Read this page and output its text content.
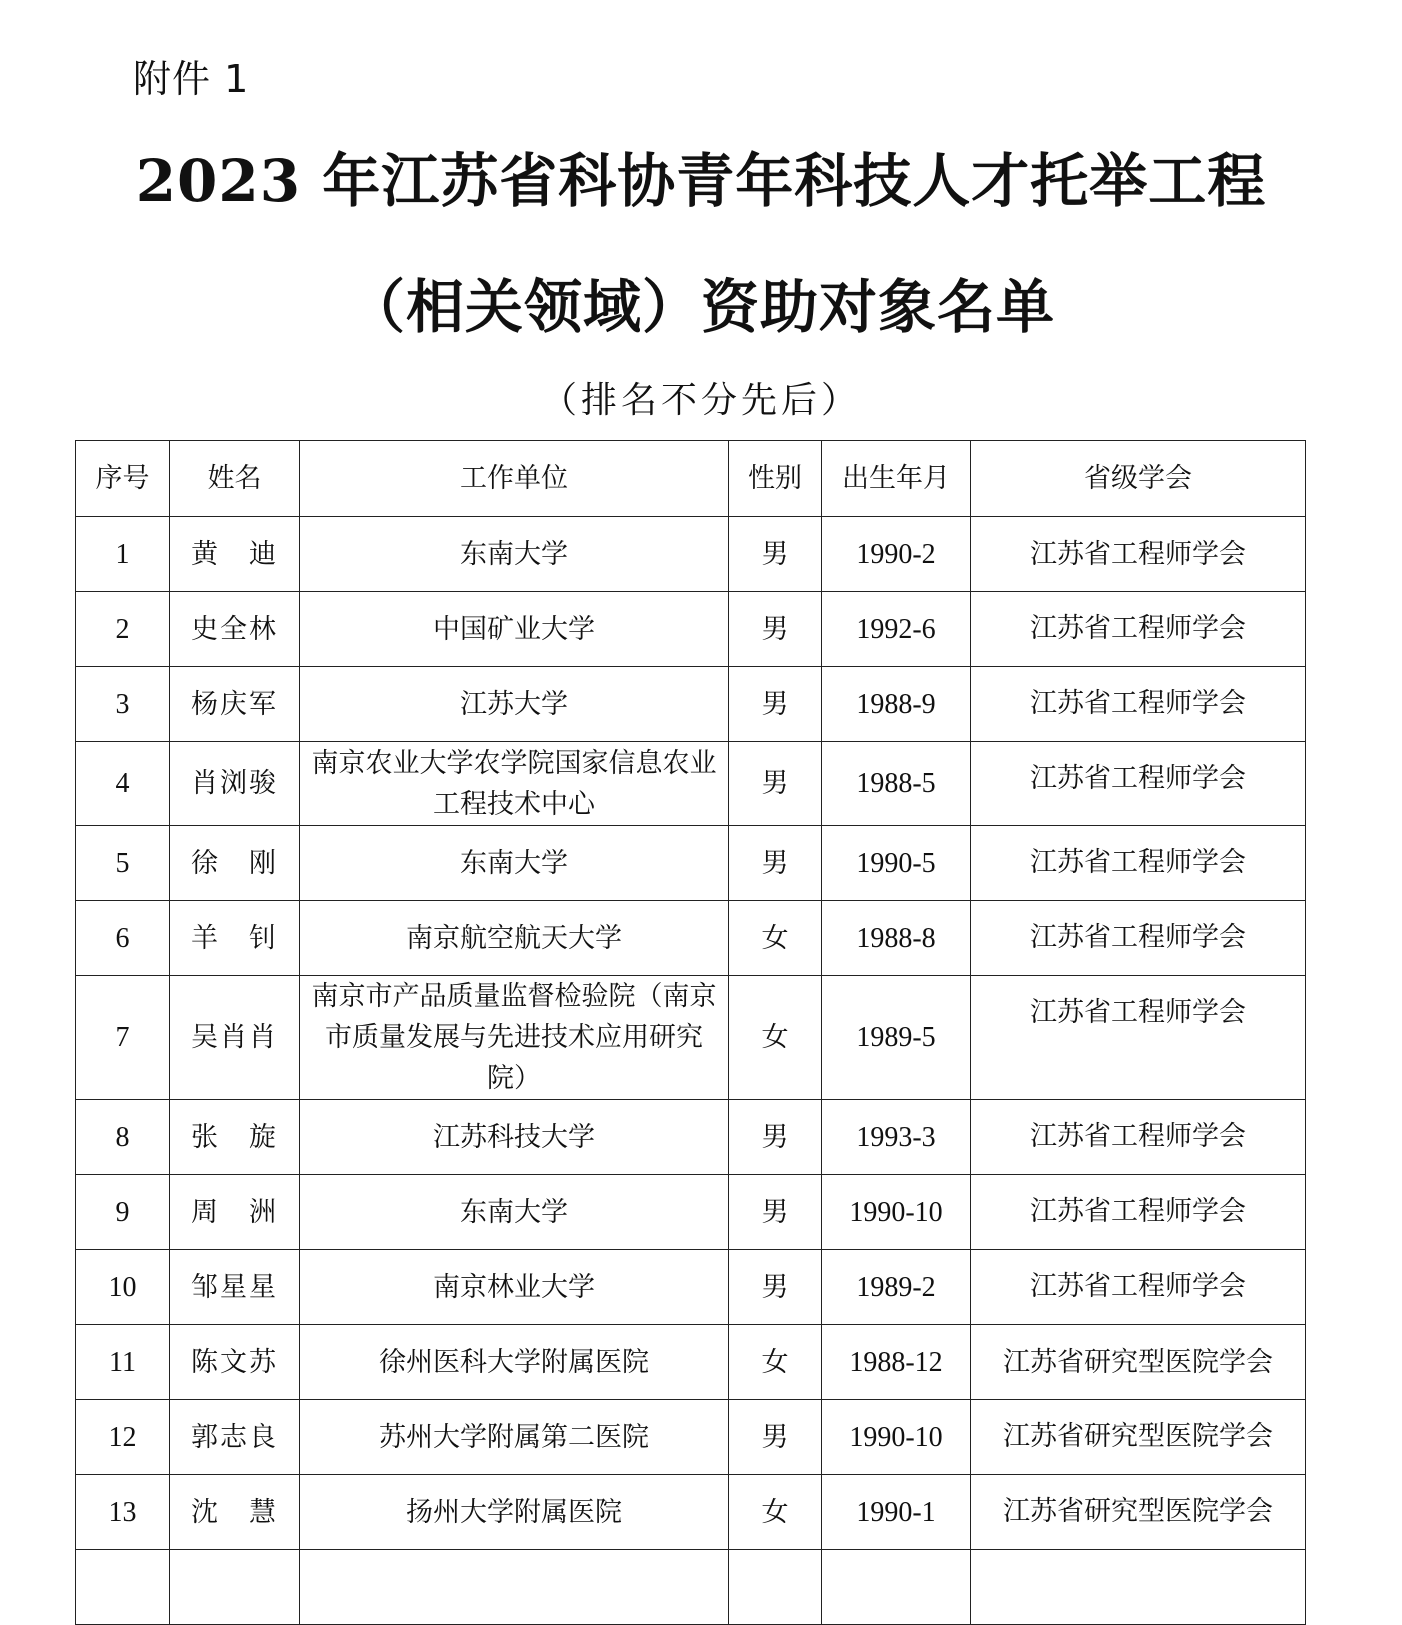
附件 1
2023 年江苏省科协青年科技人才托举工程
（相关领域）资助对象名单
（排名不分先后）
序号	姓名	工作单位	性别	出生年月	省级学会
1	黄　迪	东南大学	男	1990-2	江苏省工程师学会
2	史全林	中国矿业大学	男	1992-6	江苏省工程师学会
3	杨庆军	江苏大学	男	1988-9	江苏省工程师学会
4	肖浏骏	南京农业大学农学院国家信息农业工程技术中心	男	1988-5	江苏省工程师学会
5	徐　刚	东南大学	男	1990-5	江苏省工程师学会
6	羊　钊	南京航空航天大学	女	1988-8	江苏省工程师学会
7	吴肖肖	南京市产品质量监督检验院（南京市质量发展与先进技术应用研究院）	女	1989-5	江苏省工程师学会
8	张　旋	江苏科技大学	男	1993-3	江苏省工程师学会
9	周　洲	东南大学	男	1990-10	江苏省工程师学会
10	邹星星	南京林业大学	男	1989-2	江苏省工程师学会
11	陈文苏	徐州医科大学附属医院	女	1988-12	江苏省研究型医院学会
12	郭志良	苏州大学附属第二医院	男	1990-10	江苏省研究型医院学会
13	沈　慧	扬州大学附属医院	女	1990-1	江苏省研究型医院学会
